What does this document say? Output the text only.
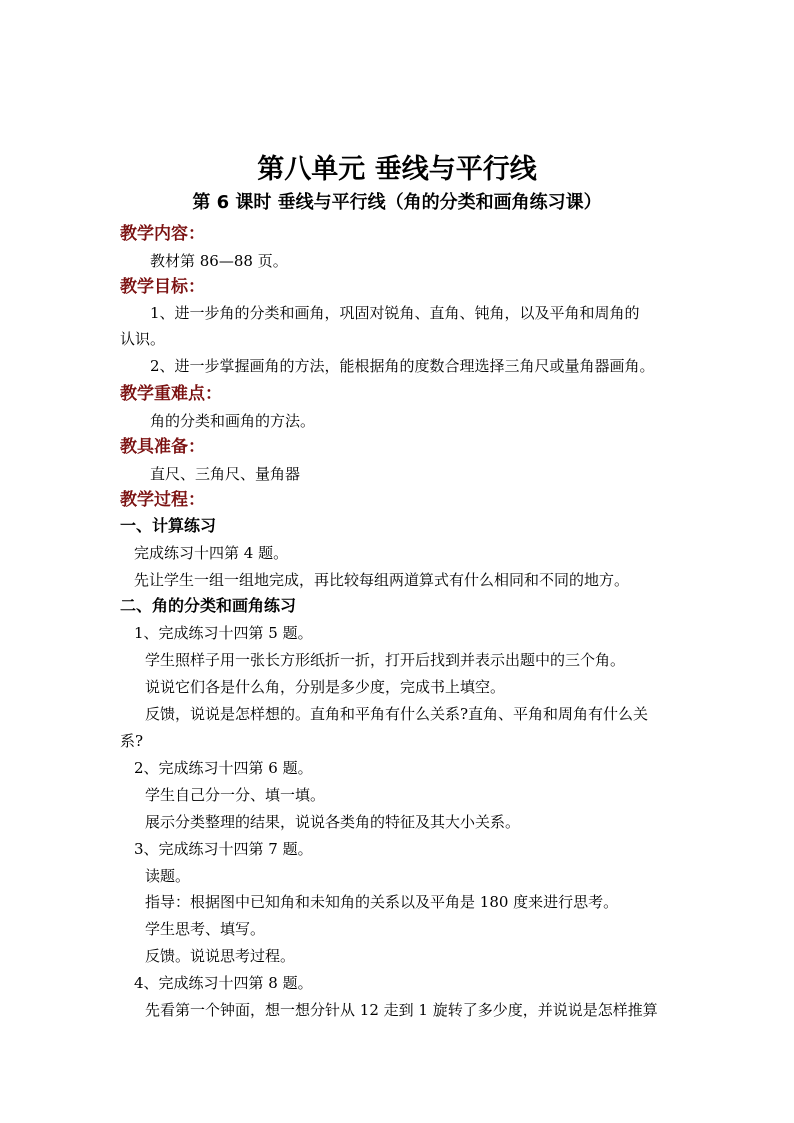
第八单元 垂线与平行线
第 6 课时 垂线与平行线（角的分类和画角练习课）
教学内容：
教材第 86—88 页。
教学目标：
1、进一步角的分类和画角，巩固对锐角、直角、钝角，以及平角和周角的
认识。
2、进一步掌握画角的方法，能根据角的度数合理选择三角尺或量角器画角。
教学重难点：
角的分类和画角的方法。
教具准备：
直尺、三角尺、量角器
教学过程：
一、计算练习
完成练习十四第 4 题。
先让学生一组一组地完成，再比较每组两道算式有什么相同和不同的地方。
二、角的分类和画角练习
1、完成练习十四第 5 题。
学生照样子用一张长方形纸折一折，打开后找到并表示出题中的三个角。
说说它们各是什么角，分别是多少度，完成书上填空。
反馈，说说是怎样想的。直角和平角有什么关系?直角、平角和周角有什么关
系?
2、完成练习十四第 6 题。
学生自己分一分、填一填。
展示分类整理的结果，说说各类角的特征及其大小关系。
3、完成练习十四第 7 题。
读题。
指导：根据图中已知角和未知角的关系以及平角是 180 度来进行思考。
学生思考、填写。
反馈。说说思考过程。
4、完成练习十四第 8 题。
先看第一个钟面，想一想分针从 12 走到 1 旋转了多少度，并说说是怎样推算
